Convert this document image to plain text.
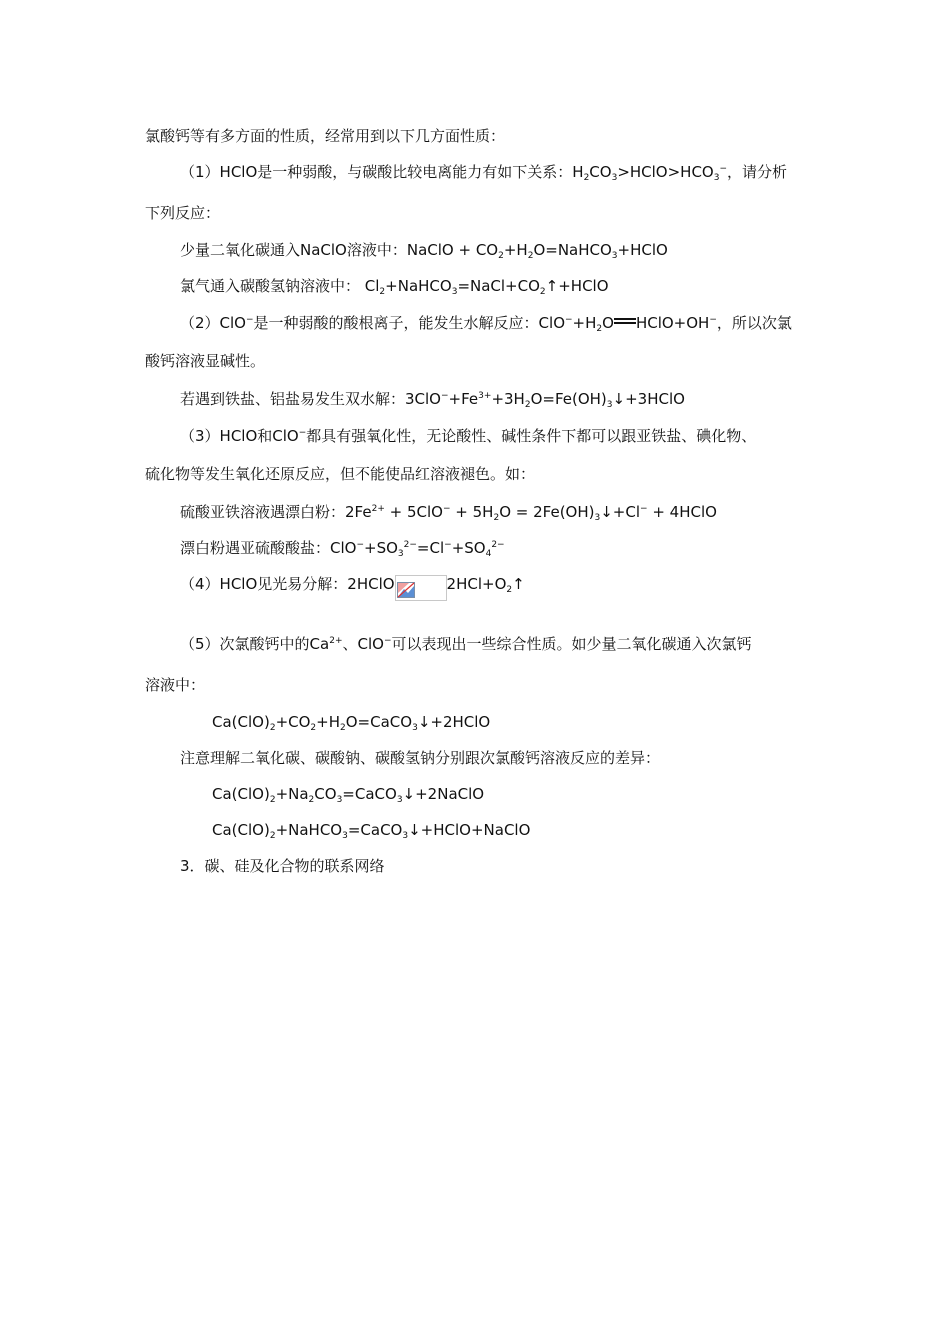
氯酸钙等有多方面的性质，经常用到以下几方面性质：
（1）HClO是一种弱酸，与碳酸比较电离能力有如下关系：$H_2CO_3>HClO>HCO_3^-$，请分析
下列反应：
少量二氧化碳通入NaClO溶液中：NaClO + $CO_2+H_2O=NaHCO_3+HClO$
氯气通入碳酸氢钠溶液中： $Cl_2+NaHCO_3=NaCl+CO_2↑+HClO$
（2）ClO−是一种弱酸的酸根离子，能发生水解反应：$ClO^-+H_2O$ HClO+OH−，所以次氯
酸钙溶液显碱性。
若遇到铁盐、铝盐易发生双水解：$3ClO^-+Fe^{3+}+3H_2O=Fe(OH)_3↓+3HClO$
（3）HClO和ClO−都具有强氧化性，无论酸性、碱性条件下都可以跟亚铁盐、碘化物、
硫化物等发生氧化还原反应，但不能使品红溶液褪色。如：
硫酸亚铁溶液遇漂白粉：$2Fe^{2+} + 5ClO^- + 5H_2O$ = $2Fe(OH)_3↓+Cl^-$ + 4HClO
漂白粉遇亚硫酸酸盐：$ClO^-+SO_3^{2-}=Cl^-+SO_4^{2-}$
（4）HClO见光易分解：2HClO	$2HCl+O_2↑$
（5）次氯酸钙中的$Ca^{2+}$、ClO−可以表现出一些综合性质。如少量二氧化碳通入次氯钙
溶液中：
$Ca(ClO)_2+CO_2+H_2O=CaCO_3↓+2HClO$
注意理解二氧化碳、碳酸钠、碳酸氢钠分别跟次氯酸钙溶液反应的差异：
$Ca(ClO)_2+Na_2CO_3=CaCO_3↓+2NaClO$
$Ca(ClO)_2+NaHCO_3=CaCO_3↓+HClO+NaClO$
3．碳、硅及化合物的联系网络
